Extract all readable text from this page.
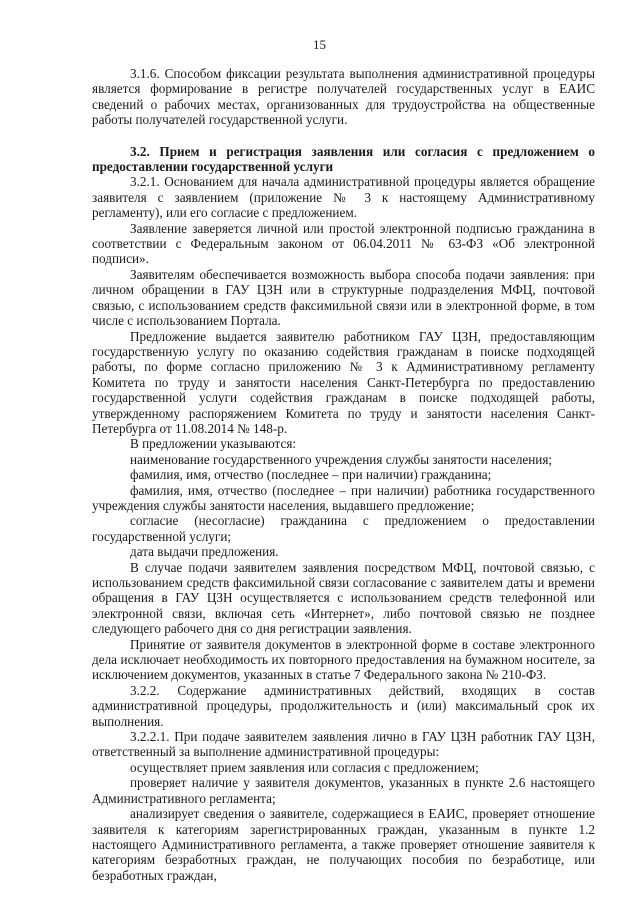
15

3.1.6. Способом фиксации результата выполнения административной процедуры является формирование в регистре получателей государственных услуг в ЕАИС сведений о рабочих местах, организованных для трудоустройства на общественные работы получателей государственной услуги.

3.2. Прием и регистрация заявления или согласия с предложением о предоставлении государственной услуги

3.2.1. Основанием для начала административной процедуры является обращение заявителя с заявлением (приложение № 3 к настоящему Административному регламенту), или его согласие с предложением.

Заявление заверяется личной или простой электронной подписью гражданина в соответствии с Федеральным законом от 06.04.2011 № 63-ФЗ «Об электронной подписи».

Заявителям обеспечивается возможность выбора способа подачи заявления: при личном обращении в ГАУ ЦЗН или в структурные подразделения МФЦ, почтовой связью, с использованием средств факсимильной связи или в электронной форме, в том числе с использованием Портала.

Предложение выдается заявителю работником ГАУ ЦЗН, предоставляющим государственную услугу по оказанию содействия гражданам в поиске подходящей работы, по форме согласно приложению № 3 к Административному регламенту Комитета по труду и занятости населения Санкт-Петербурга по предоставлению государственной услуги содействия гражданам в поиске подходящей работы, утвержденному распоряжением Комитета по труду и занятости населения Санкт-Петербурга от 11.08.2014 № 148-р.

В предложении указываются:

наименование государственного учреждения службы занятости населения;

фамилия, имя, отчество (последнее – при наличии) гражданина;

фамилия, имя, отчество (последнее – при наличии) работника государственного учреждения службы занятости населения, выдавшего предложение;

согласие (несогласие) гражданина с предложением о предоставлении государственной услуги;

дата выдачи предложения.

В случае подачи заявителем заявления посредством МФЦ, почтовой связью, с использованием средств факсимильной связи согласование с заявителем даты и времени обращения в ГАУ ЦЗН осуществляется с использованием средств телефонной или электронной связи, включая сеть «Интернет», либо почтовой связью не позднее следующего рабочего дня со дня регистрации заявления.

Принятие от заявителя документов в электронной форме в составе электронного дела исключает необходимость их повторного предоставления на бумажном носителе, за исключением документов, указанных в статье 7 Федерального закона № 210-ФЗ.

3.2.2. Содержание административных действий, входящих в состав административной процедуры, продолжительность и (или) максимальный срок их выполнения.

3.2.2.1. При подаче заявителем заявления лично в ГАУ ЦЗН работник ГАУ ЦЗН, ответственный за выполнение административной процедуры:

осуществляет прием заявления или согласия с предложением;

проверяет наличие у заявителя документов, указанных в пункте 2.6 настоящего Административного регламента;

анализирует сведения о заявителе, содержащиеся в ЕАИС, проверяет отношение заявителя к категориям зарегистрированных граждан, указанным в пункте 1.2 настоящего Административного регламента, а также проверяет отношение заявителя к категориям безработных граждан, не получающих пособия по безработице, или безработных граждан,
